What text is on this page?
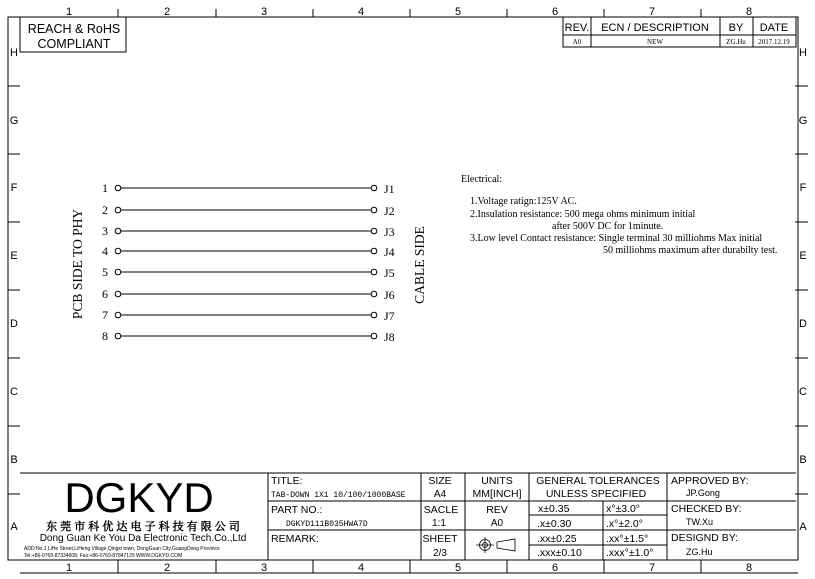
1	2	3	4	5	6	7	8
1	2	3	4	5	6	7	8
H
G
F
E
D
C
B
A
H
G
F
E
D
C
B
A
REACH & RoHS
COMPLIANT
REV. ECN / DESCRIPTION BY DATE
A0	NEW	ZG.Hu 2017.12.19
PCB SIDE TO PHY	CABLE SIDE
1	J1
2	J2
3	J3
4	J4
5	J5
6	J6
7	J7
8	J8
Electrical:
1.Voltage ratign:125V AC.
2.Insulation resistance: 500 mega ohms minimum initial
after 500V DC for 1minute.
3.Low level Contact resistance: Single terminal 30 milliohms Max initial
50 milliohms maximum after durabilty test.
DGKYD
东 莞 市 科 优 达 电 子 科 技 有 限 公 司
Dong Guan Ke You Da Electronic Tech.Co.,Ltd
ADD:No.1 LiHe Street,LiHeng Village,Qingxi town, DongGuan City,GuangDong Province
Tel:+86-0769-87334608; Fax:+86-0769-87847129 WWW.DGKYD.COM
TITLE:
TAB-DOWN 1X1 10/100/1000BASE
SIZE
A4
UNITS
MM[INCH]
GENERAL TOLERANCES
UNLESS SPECIFIED
PART NO.:
DGKYD111B035HWA7D
SACLE
1:1
REV
A0
REMARK:	SHEET
2/3
x±0.35	x°±3.0°
.x±0.30	.x°±2.0°
.xx±0.25	.xx°±1.5°
.xxx±0.10 .xxx°±1.0°
APPROVED BY:
JP.Gong
CHECKED BY:
TW.Xu
DESIGND BY:
ZG.Hu
